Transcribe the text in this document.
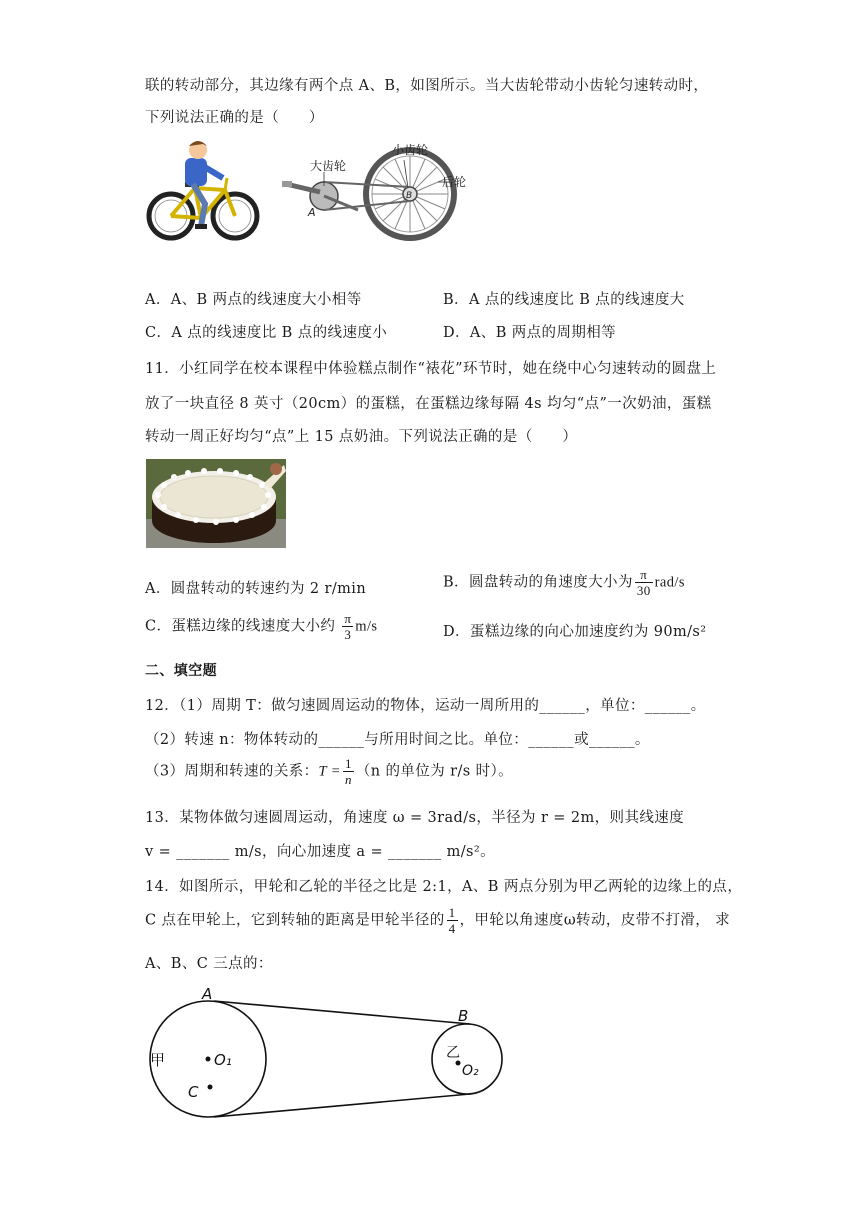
联的转动部分，其边缘有两个点 A、B，如图所示。当大齿轮带动小齿轮匀速转动时，
下列说法正确的是（　　）
大齿轮
小齿轮
后轮
A
B
A．A、B 两点的线速度大小相等	B．A 点的线速度比 B 点的线速度大
C．A 点的线速度比 B 点的线速度小	D．A、B 两点的周期相等
11．小红同学在校本课程中体验糕点制作“裱花”环节时，她在绕中心匀速转动的圆盘上
放了一块直径 8 英寸（20cm）的蛋糕，在蛋糕边缘每隔 4s 均匀“点”一次奶油，蛋糕
转动一周正好均匀“点”上 15 点奶油。下列说法正确的是（　　）
A．圆盘转动的转速约为 2 r/min	B．圆盘转动的角速度大小为 $\frac{\pi}{30} rad/s$
C．蛋糕边缘的线速度大小约 $\frac{\pi}{3} m/s$	D．蛋糕边缘的向心加速度约为 90m/s²
二、填空题
12．（1）周期 T：做匀速圆周运动的物体，运动一周所用的______，单位：______。
（2）转速 n：物体转动的______与所用时间之比。单位：______或______。
（3）周期和转速的关系：$T = \frac{1}{n} (n$ 的单位为 r/s 时）。
13．某物体做匀速圆周运动，角速度 ω = 3rad/s，半径为 r = 2m，则其线速度
v = _______ m/s，向心加速度 a = _______ m/s²。
14．如图所示，甲轮和乙轮的半径之比是 2:1，A、B 两点分别为甲乙两轮的边缘上的点，
C 点在甲轮上，它到转轴的距离是甲轮半径的 $\frac{1}{4}$ ，甲轮以角速度ω转动，皮带不打滑， 求
A、B、C 三点的：
A
B
甲	乙
O₁
O₂
C
